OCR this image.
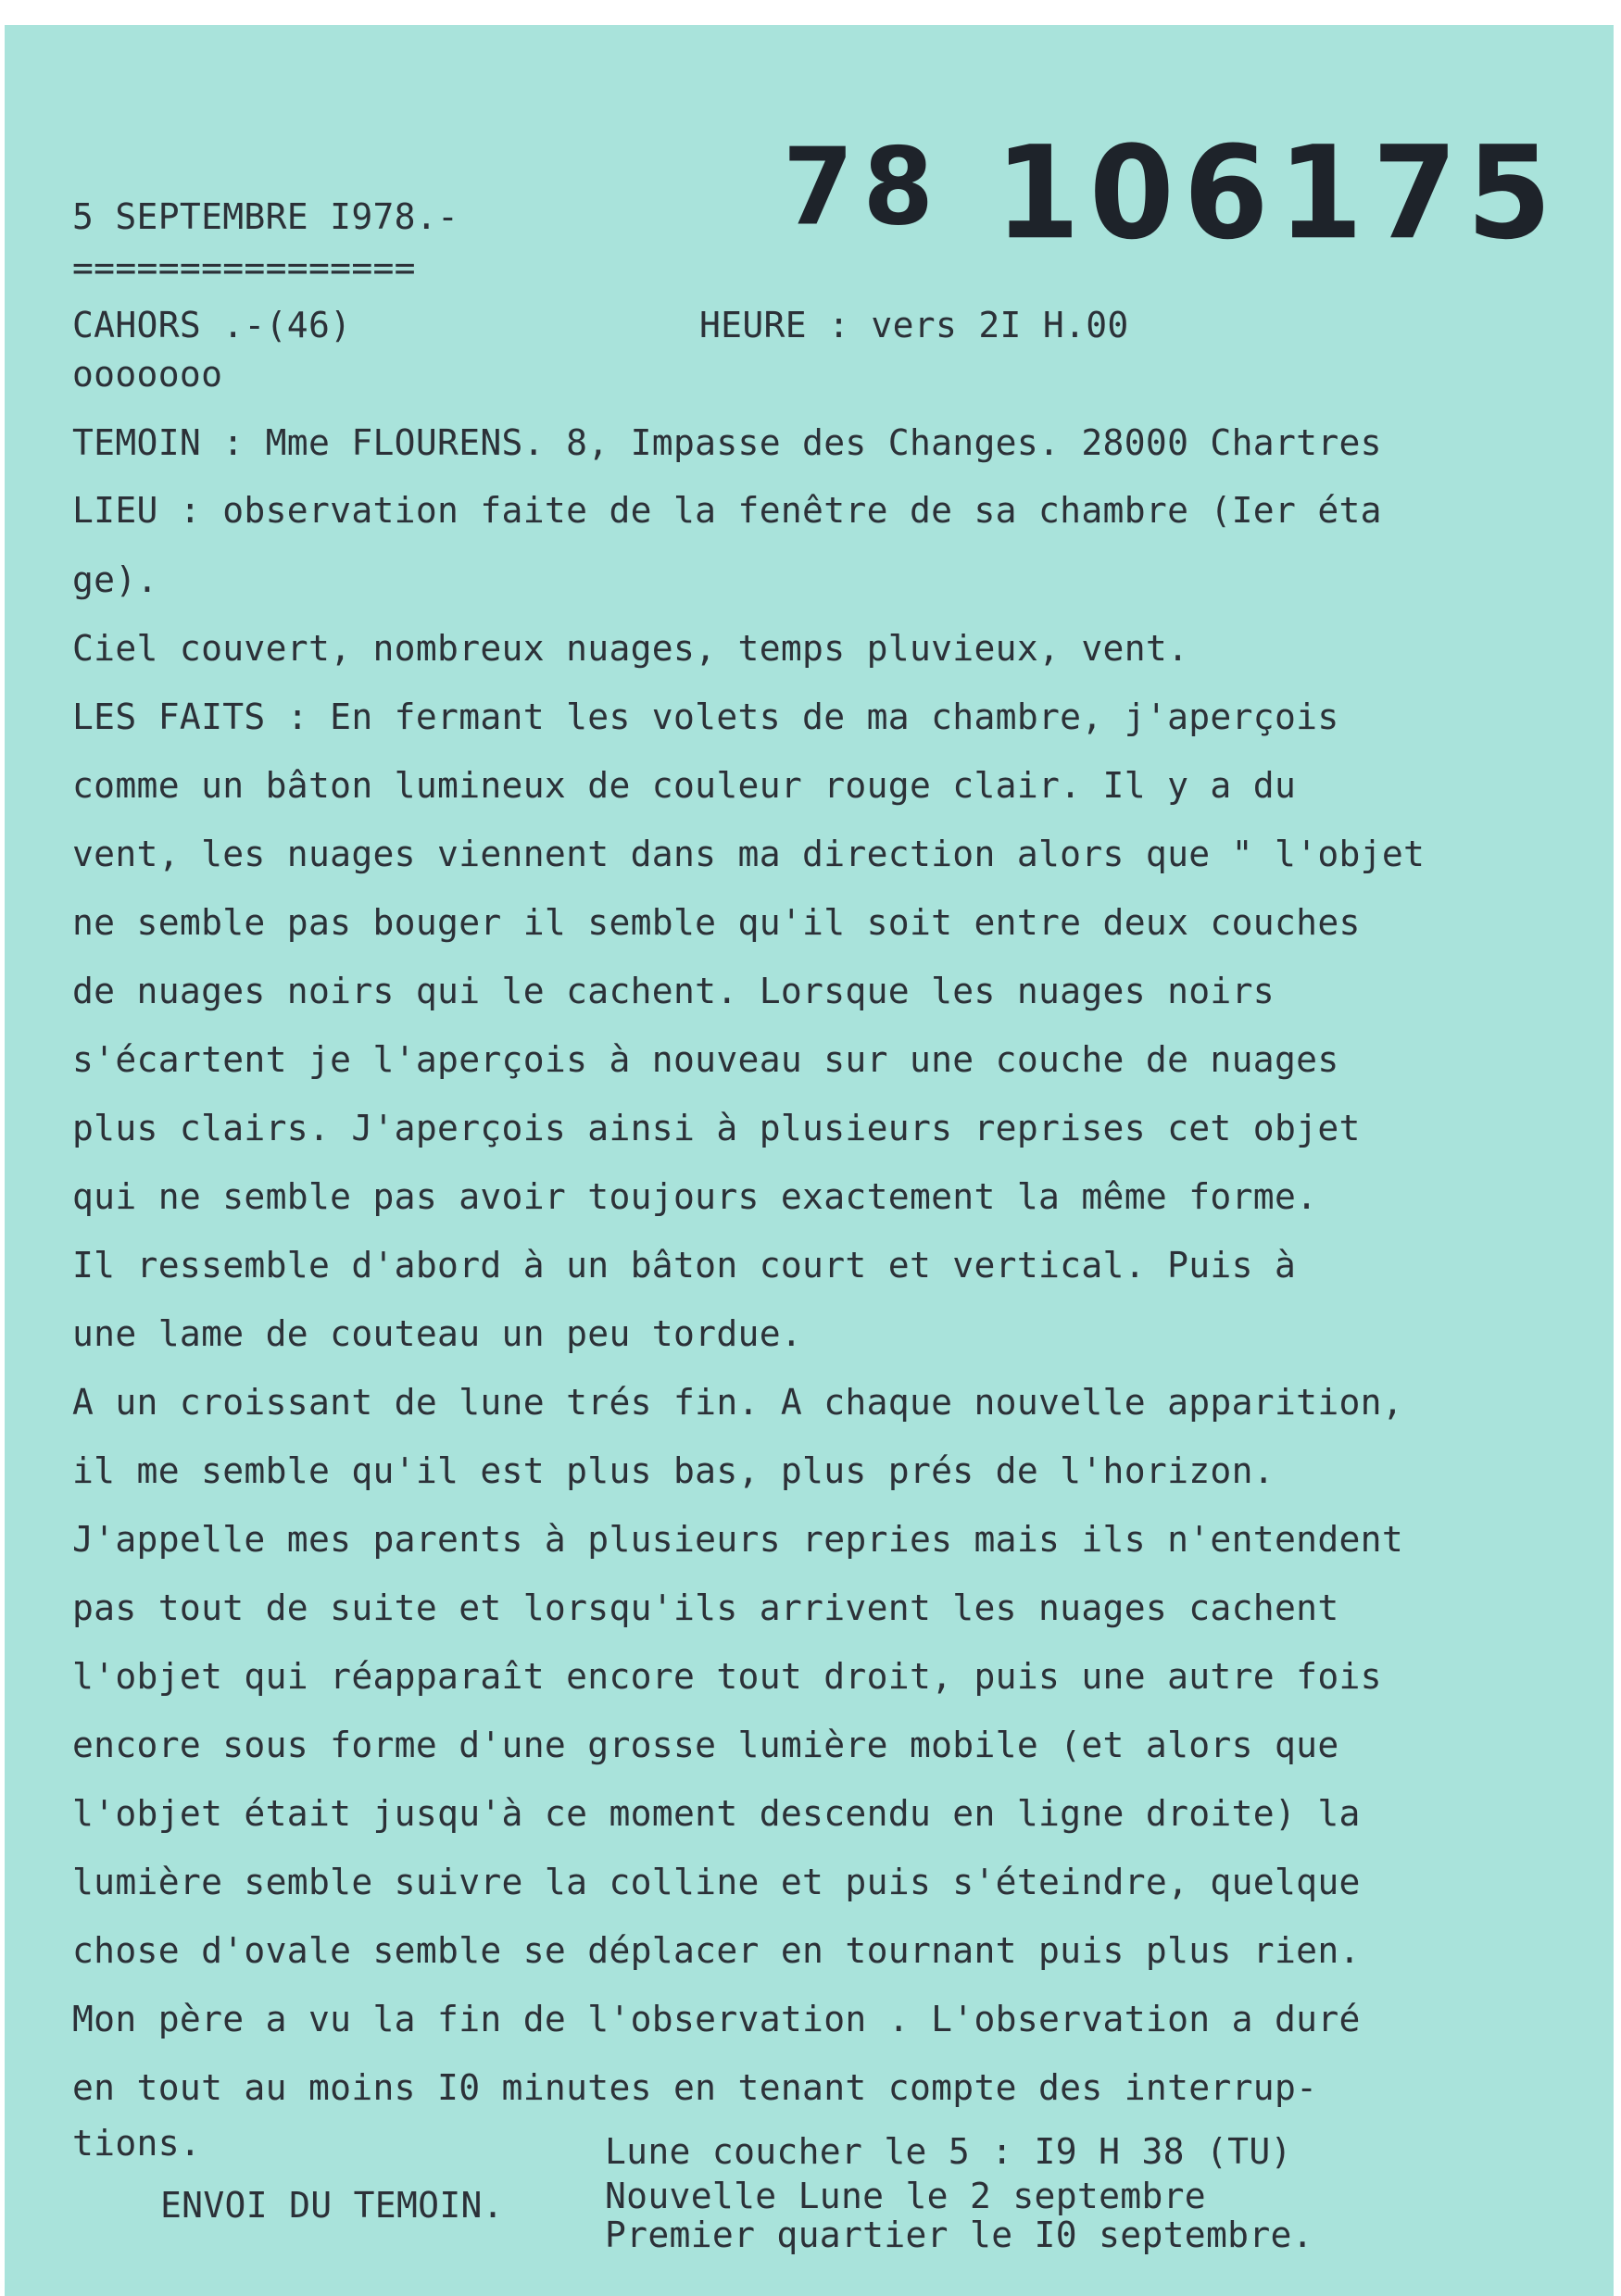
78 106175
5 SEPTEMBRE I978.-
================
CAHORS .-(46)	HEURE : vers 2I H.00
ooooooo
TEMOIN : Mme FLOURENS. 8, Impasse des Changes. 28000 Chartres
LIEU : observation faite de la fenêtre de sa chambre (Ier éta
ge).
Ciel couvert, nombreux nuages, temps pluvieux, vent.
LES FAITS : En fermant les volets de ma chambre, j'aperçois
comme un bâton lumineux de couleur rouge clair. Il y a du
vent, les nuages viennent dans ma direction alors que " l'objet
ne semble pas bouger il semble qu'il soit entre deux couches
de nuages noirs qui le cachent. Lorsque les nuages noirs
s'écartent je l'aperçois à nouveau sur une couche de nuages
plus clairs. J'aperçois ainsi à plusieurs reprises cet objet
qui ne semble pas avoir toujours exactement la même forme.
Il ressemble d'abord à un bâton court et vertical. Puis à
une lame de couteau un peu tordue.
A un croissant de lune trés fin. A chaque nouvelle apparition,
il me semble qu'il est plus bas, plus prés de l'horizon.
J'appelle mes parents à plusieurs repries mais ils n'entendent
pas tout de suite et lorsqu'ils arrivent les nuages cachent
l'objet qui réapparaît encore tout droit, puis une autre fois
encore sous forme d'une grosse lumière mobile (et alors que
l'objet était jusqu'à ce moment descendu en ligne droite) la
lumière semble suivre la colline et puis s'éteindre, quelque
chose d'ovale semble se déplacer en tournant puis plus rien.
Mon père a vu la fin de l'observation . L'observation a duré
en tout au moins I0 minutes en tenant compte des interrup-
tions.	Lune coucher le 5 : I9 H 38 (TU)
ENVOI DU TEMOIN.	Nouvelle Lune le 2 septembre
Premier quartier le I0 septembre.
